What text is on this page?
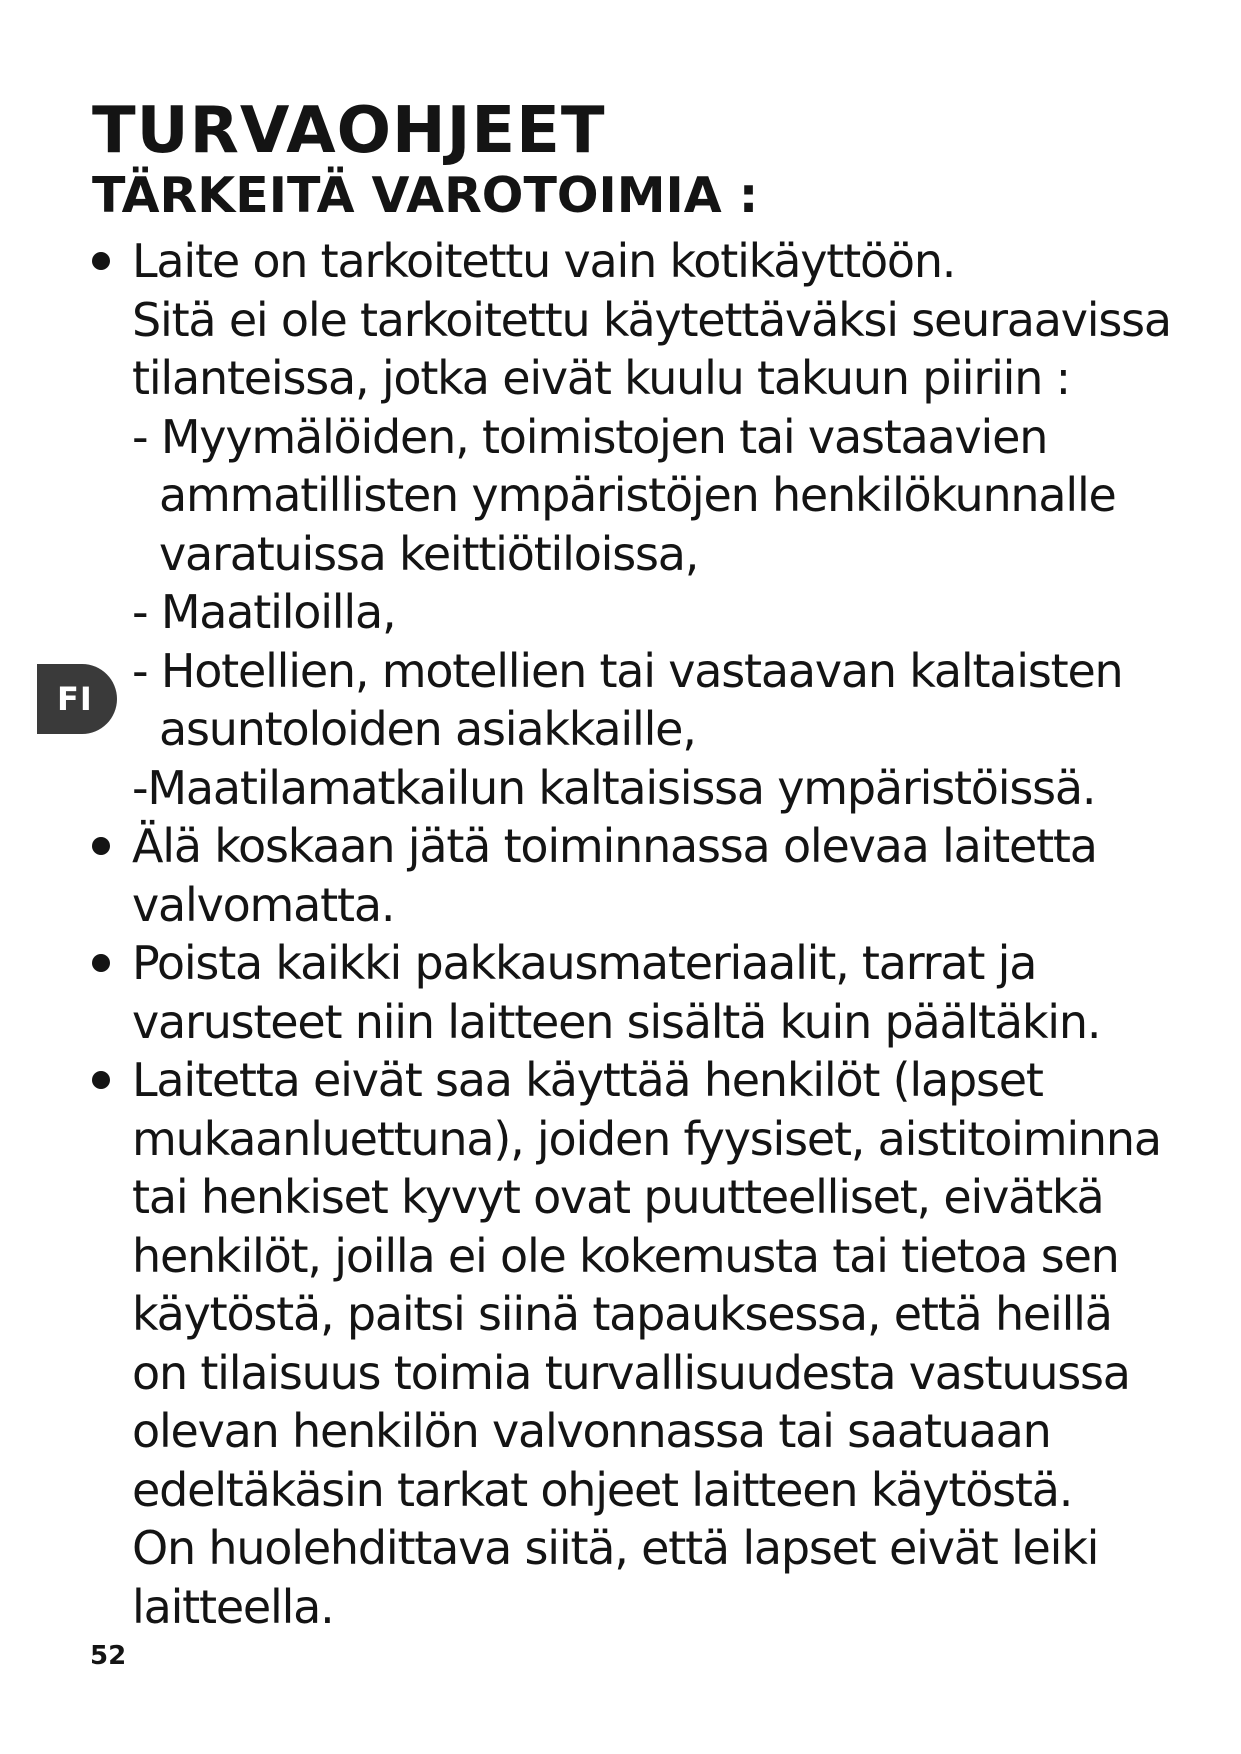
TURVAOHJEET
TÄRKEITÄ VAROTOIMIA :
FI
Laite on tarkoitettu vain kotikäyttöön.
Sitä ei ole tarkoitettu käytettäväksi seuraavissa
tilanteissa, jotka eivät kuulu takuun piiriin :
- Myymälöiden, toimistojen tai vastaavien
ammatillisten ympäristöjen henkilökunnalle
varatuissa keittiötiloissa,
- Maatiloilla,
- Hotellien, motellien tai vastaavan kaltaisten
asuntoloiden asiakkaille,
-Maatilamatkailun kaltaisissa ympäristöissä.
Älä koskaan jätä toiminnassa olevaa laitetta
valvomatta.
Poista kaikki pakkausmateriaalit, tarrat ja
varusteet niin laitteen sisältä kuin päältäkin.
Laitetta eivät saa käyttää henkilöt (lapset
mukaanluettuna), joiden fyysiset, aistitoiminna
tai henkiset kyvyt ovat puutteelliset, eivätkä
henkilöt, joilla ei ole kokemusta tai tietoa sen
käytöstä, paitsi siinä tapauksessa, että heillä
on tilaisuus toimia turvallisuudesta vastuussa
olevan henkilön valvonnassa tai saatuaan
edeltäkäsin tarkat ohjeet laitteen käytöstä.
On huolehdittava siitä, että lapset eivät leiki
laitteella.
52
